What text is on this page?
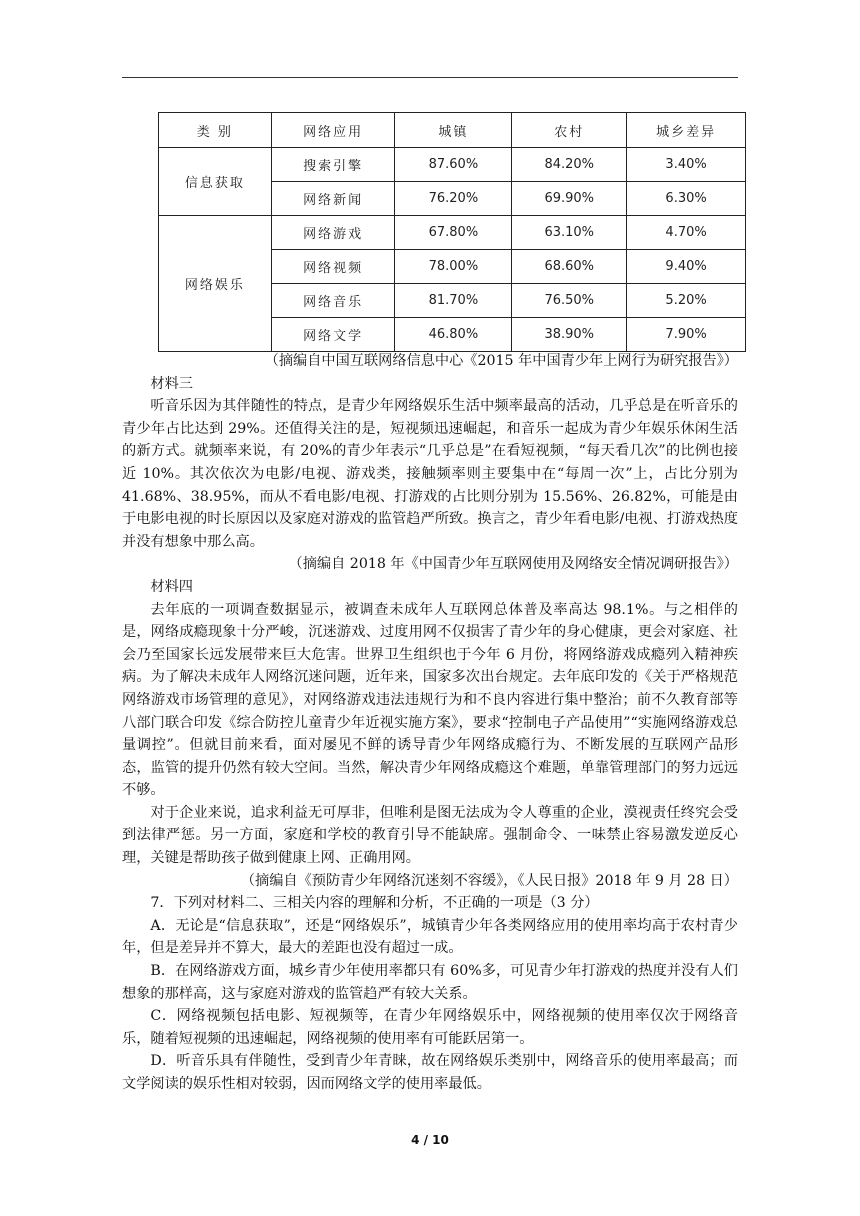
类 别	网络应用	城镇	农村	城乡差异
信息获取	搜索引擎	87.60%	84.20%	3.40%
	网络新闻	76.20%	69.90%	6.30%
网络娱乐	网络游戏	67.80%	63.10%	4.70%
	网络视频	78.00%	68.60%	9.40%
	网络音乐	81.70%	76.50%	5.20%
	网络文学	46.80%	38.90%	7.90%

（摘编自中国互联网络信息中心《2015 年中国青少年上网行为研究报告》）

材料三

听音乐因为其伴随性的特点，是青少年网络娱乐生活中频率最高的活动，几乎总是在听音乐的青少年占比达到 29%。还值得关注的是，短视频迅速崛起，和音乐一起成为青少年娱乐休闲生活的新方式。就频率来说，有 20%的青少年表示“几乎总是”在看短视频，“每天看几次”的比例也接近 10%。其次依次为电影/电视、游戏类，接触频率则主要集中在“每周一次”上，占比分别为 41.68%、38.95%，而从不看电影/电视、打游戏的占比则分别为 15.56%、26.82%，可能是由于电影电视的时长原因以及家庭对游戏的监管趋严所致。换言之，青少年看电影/电视、打游戏热度并没有想象中那么高。

（摘编自 2018 年《中国青少年互联网使用及网络安全情况调研报告》）

材料四

去年底的一项调查数据显示，被调查未成年人互联网总体普及率高达 98.1%。与之相伴的是，网络成瘾现象十分严峻，沉迷游戏、过度用网不仅损害了青少年的身心健康，更会对家庭、社会乃至国家长远发展带来巨大危害。世界卫生组织也于今年 6 月份，将网络游戏成瘾列入精神疾病。为了解决未成年人网络沉迷问题，近年来，国家多次出台规定。去年底印发的《关于严格规范网络游戏市场管理的意见》，对网络游戏违法违规行为和不良内容进行集中整治；前不久教育部等八部门联合印发《综合防控儿童青少年近视实施方案》，要求“控制电子产品使用”“实施网络游戏总量调控”。但就目前来看，面对屡见不鲜的诱导青少年网络成瘾行为、不断发展的互联网产品形态，监管的提升仍然有较大空间。当然，解决青少年网络成瘾这个难题，单靠管理部门的努力远远不够。

对于企业来说，追求利益无可厚非，但唯利是图无法成为令人尊重的企业，漠视责任终究会受到法律严惩。另一方面，家庭和学校的教育引导不能缺席。强制命令、一味禁止容易激发逆反心理，关键是帮助孩子做到健康上网、正确用网。

（摘编自《预防青少年网络沉迷刻不容缓》，《人民日报》2018 年 9 月 28 日）

7．下列对材料二、三相关内容的理解和分析，不正确的一项是（3 分）

A．无论是“信息获取”，还是“网络娱乐”，城镇青少年各类网络应用的使用率均高于农村青少年，但是差异并不算大，最大的差距也没有超过一成。

B．在网络游戏方面，城乡青少年使用率都只有 60%多，可见青少年打游戏的热度并没有人们想象的那样高，这与家庭对游戏的监管趋严有较大关系。

C．网络视频包括电影、短视频等，在青少年网络娱乐中，网络视频的使用率仅次于网络音乐，随着短视频的迅速崛起，网络视频的使用率有可能跃居第一。

D．听音乐具有伴随性，受到青少年青睐，故在网络娱乐类别中，网络音乐的使用率最高；而文学阅读的娱乐性相对较弱，因而网络文学的使用率最低。

4 / 10
